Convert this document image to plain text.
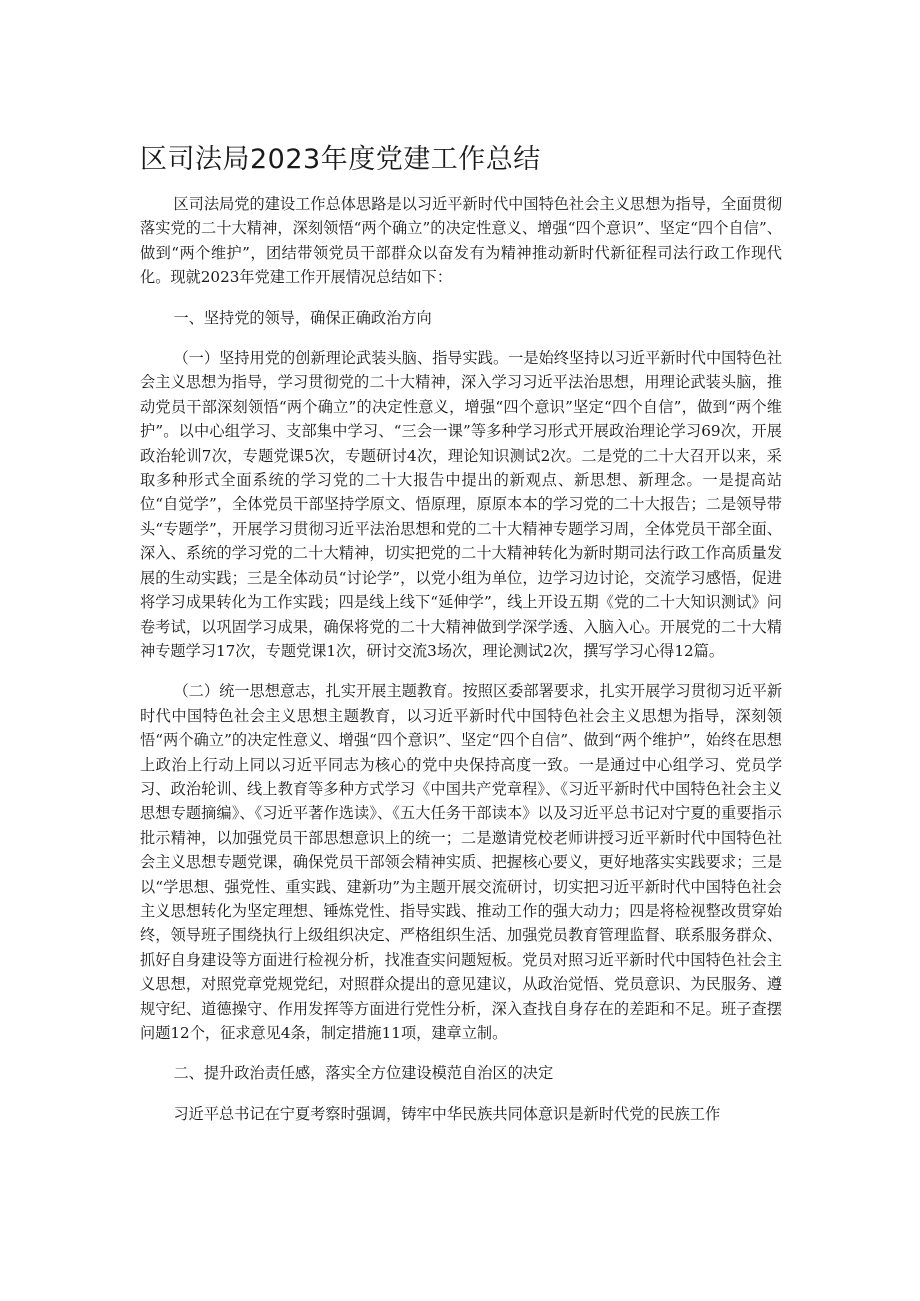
区司法局2023年度党建工作总结

区司法局党的建设工作总体思路是以习近平新时代中国特色社会主义思想为指导，全面贯彻落实党的二十大精神，深刻领悟“两个确立”的决定性意义、增强“四个意识”、坚定“四个自信”、做到“两个维护”，团结带领党员干部群众以奋发有为精神推动新时代新征程司法行政工作现代化。现就2023年党建工作开展情况总结如下：

一、坚持党的领导，确保正确政治方向

（一）坚持用党的创新理论武装头脑、指导实践。一是始终坚持以习近平新时代中国特色社会主义思想为指导，学习贯彻党的二十大精神，深入学习习近平法治思想，用理论武装头脑，推动党员干部深刻领悟“两个确立”的决定性意义，增强“四个意识”坚定“四个自信”，做到“两个维护”。以中心组学习、支部集中学习、“三会一课”等多种学习形式开展政治理论学习69次，开展政治轮训7次，专题党课5次，专题研讨4次，理论知识测试2次。二是党的二十大召开以来，采取多种形式全面系统的学习党的二十大报告中提出的新观点、新思想、新理念。一是提高站位“自觉学”，全体党员干部坚持学原文、悟原理，原原本本的学习党的二十大报告；二是领导带头“专题学”，开展学习贯彻习近平法治思想和党的二十大精神专题学习周，全体党员干部全面、深入、系统的学习党的二十大精神，切实把党的二十大精神转化为新时期司法行政工作高质量发展的生动实践；三是全体动员“讨论学”，以党小组为单位，边学习边讨论，交流学习感悟，促进将学习成果转化为工作实践；四是线上线下“延伸学”，线上开设五期《党的二十大知识测试》问卷考试，以巩固学习成果，确保将党的二十大精神做到学深学透、入脑入心。开展党的二十大精神专题学习17次，专题党课1次，研讨交流3场次，理论测试2次，撰写学习心得12篇。

（二）统一思想意志，扎实开展主题教育。按照区委部署要求，扎实开展学习贯彻习近平新时代中国特色社会主义思想主题教育，以习近平新时代中国特色社会主义思想为指导，深刻领悟“两个确立”的决定性意义、增强“四个意识”、坚定“四个自信”、做到“两个维护”，始终在思想上政治上行动上同以习近平同志为核心的党中央保持高度一致。一是通过中心组学习、党员学习、政治轮训、线上教育等多种方式学习《中国共产党章程》、《习近平新时代中国特色社会主义思想专题摘编》、《习近平著作选读》、《五大任务干部读本》以及习近平总书记对宁夏的重要指示批示精神，以加强党员干部思想意识上的统一；二是邀请党校老师讲授习近平新时代中国特色社会主义思想专题党课，确保党员干部领会精神实质、把握核心要义，更好地落实实践要求；三是以“学思想、强党性、重实践、建新功”为主题开展交流研讨，切实把习近平新时代中国特色社会主义思想转化为坚定理想、锤炼党性、指导实践、推动工作的强大动力；四是将检视整改贯穿始终，领导班子围绕执行上级组织决定、严格组织生活、加强党员教育管理监督、联系服务群众、抓好自身建设等方面进行检视分析，找准查实问题短板。党员对照习近平新时代中国特色社会主义思想，对照党章党规党纪，对照群众提出的意见建议，从政治觉悟、党员意识、为民服务、遵规守纪、道德操守、作用发挥等方面进行党性分析，深入查找自身存在的差距和不足。班子查摆问题12个，征求意见4条，制定措施11项，建章立制。

二、提升政治责任感，落实全方位建设模范自治区的决定

习近平总书记在宁夏考察时强调，铸牢中华民族共同体意识是新时代党的民族工作
